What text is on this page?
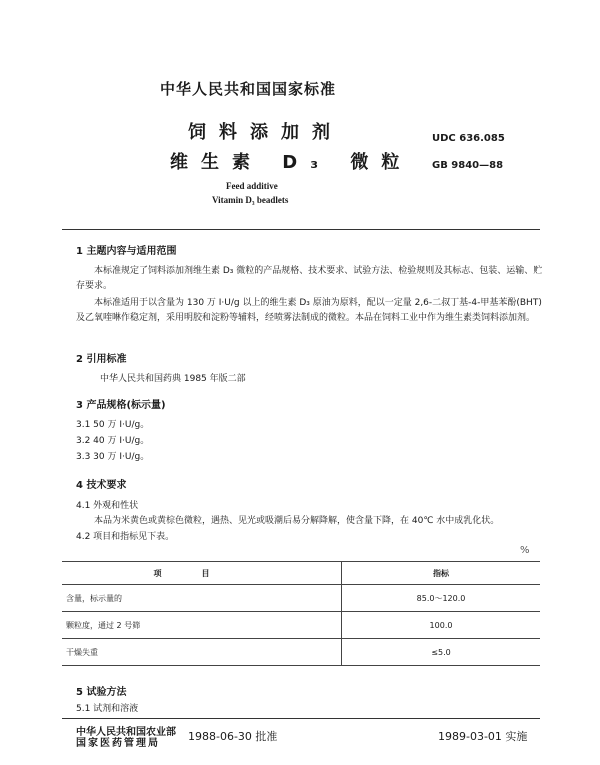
中华人民共和国国家标准
饲料添加剂
维生素 D₃ 微粒
UDC 636.085
GB 9840—88
Feed additive
Vitamin D₃ beadlets
1 主题内容与适用范围
本标准规定了饲料添加剂维生素 D₃ 微粒的产品规格、技术要求、试验方法、检验规则及其标志、包装、运输、贮存要求。
本标准适用于以含量为 130 万 I·U/g 以上的维生素 D₃ 原油为原料，配以一定量 2,6-二叔丁基-4-甲基苯酚(BHT)及乙氧喹啉作稳定剂，采用明胶和淀粉等辅料，经喷雾法制成的微粒。本品在饲料工业中作为维生素类饲料添加剂。
2 引用标准
中华人民共和国药典 1985 年版二部
3 产品规格(标示量)
3.1 50 万 I·U/g。
3.2 40 万 I·U/g。
3.3 30 万 I·U/g。
4 技术要求
4.1 外观和性状
本品为米黄色或黄棕色微粒，遇热、见光或吸潮后易分解降解，使含量下降，在 40℃ 水中成乳化状。
4.2 项目和指标见下表。
%
项目	指标
含量，标示量的	85.0～120.0
颗粒度，通过 2 号筛	100.0
干燥失重	≤5.0
5 试验方法
5.1 试剂和溶液
中华人民共和国农业部
国家医药管理局
1988-06-30 批准	1989-03-01 实施
